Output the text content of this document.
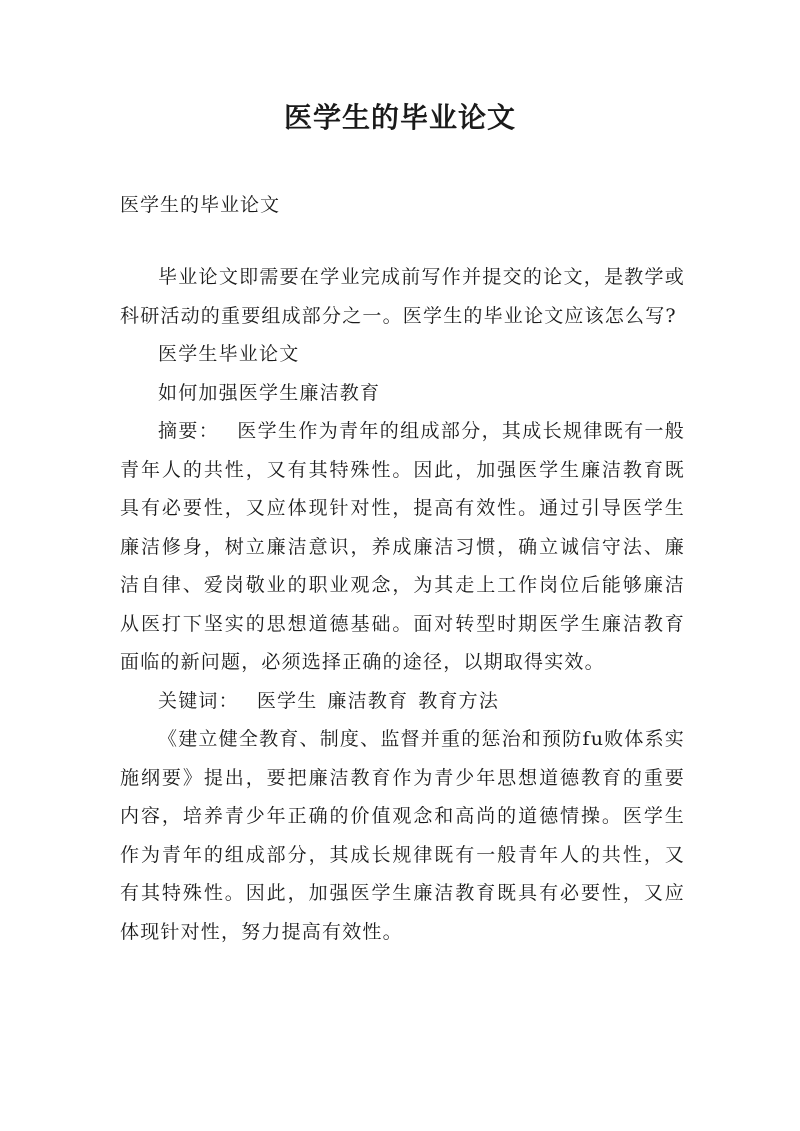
医学生的毕业论文
医学生的毕业论文

毕业论文即需要在学业完成前写作并提交的论文，是教学或科研活动的重要组成部分之一。医学生的毕业论文应该怎么写?

医学生毕业论文

如何加强医学生廉洁教育

摘要： 医学生作为青年的组成部分，其成长规律既有一般青年人的共性，又有其特殊性。因此，加强医学生廉洁教育既具有必要性，又应体现针对性，提高有效性。通过引导医学生廉洁修身，树立廉洁意识，养成廉洁习惯，确立诚信守法、廉洁自律、爱岗敬业的职业观念，为其走上工作岗位后能够廉洁从医打下坚实的思想道德基础。面对转型时期医学生廉洁教育面临的新问题，必须选择正确的途径，以期取得实效。

关键词： 医学生 廉洁教育 教育方法

《建立健全教育、制度、监督并重的惩治和预防fu败体系实施纲要》提出，要把廉洁教育作为青少年思想道德教育的重要内容，培养青少年正确的价值观念和高尚的道德情操。医学生作为青年的组成部分，其成长规律既有一般青年人的共性，又有其特殊性。因此，加强医学生廉洁教育既具有必要性，又应体现针对性，努力提高有效性。
